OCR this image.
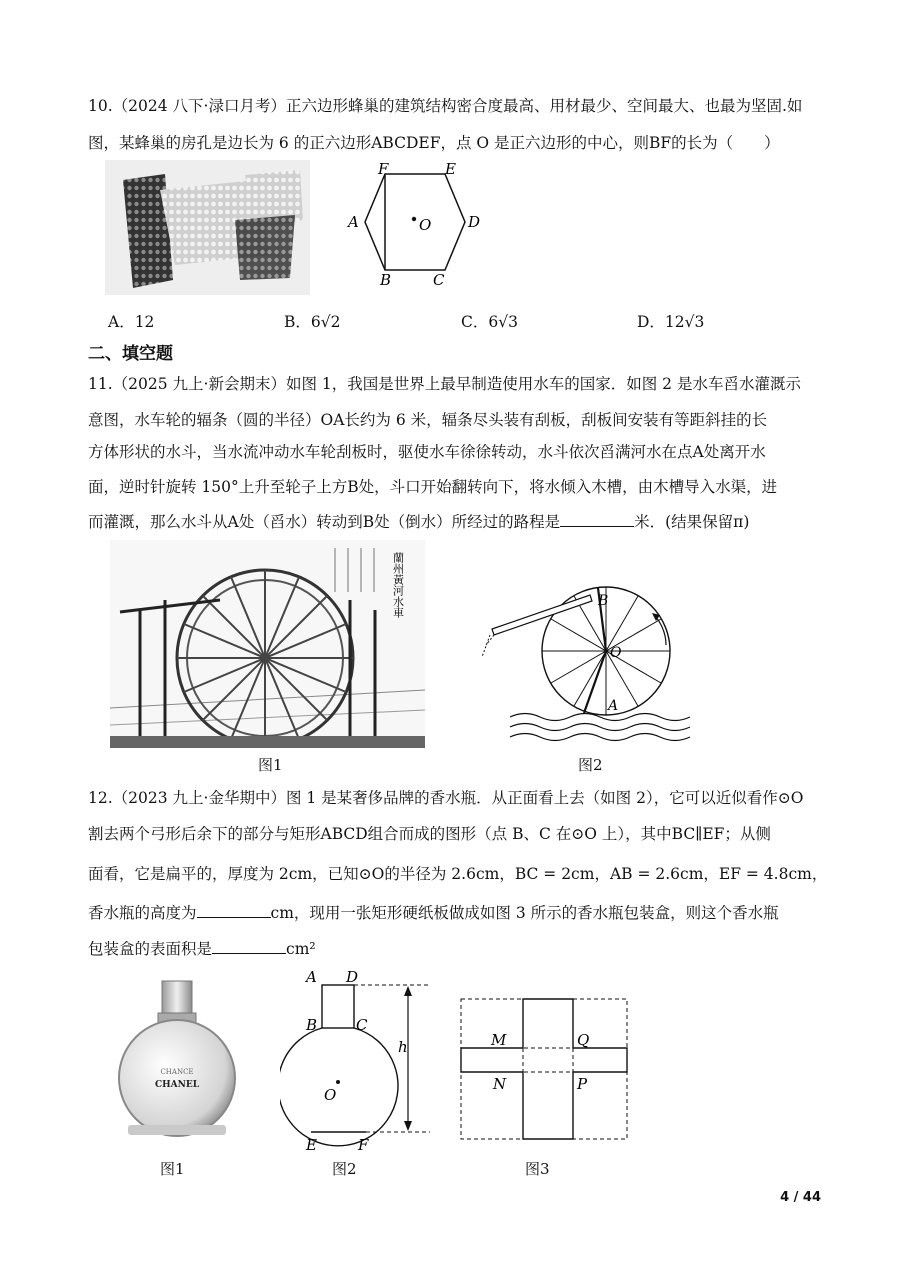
10.（2024 八下·渌口月考）正六边形蜂巢的建筑结构密合度最高、用材最少、空间最大、也最为坚固.如
图，某蜂巢的房孔是边长为 6 的正六边形ABCDEF，点 O 是正六边形的中心，则BF的长为（　　）
F	E
A	D
O
B	C
A．12	B．6√2	C．6√3	D．12√3
二、填空题
11.（2025 九上·新会期末）如图 1，我国是世界上最早制造使用水车的国家．如图 2 是水车舀水灌溉示
意图，水车轮的辐条（圆的半径）OA长约为 6 米，辐条尽头装有刮板，刮板间安装有等距斜挂的长
方体形状的水斗，当水流冲动水车轮刮板时，驱使水车徐徐转动，水斗依次舀满河水在点A处离开水
面，逆时针旋转 150°上升至轮子上方B处，斗口开始翻转向下，将水倾入木槽，由木槽导入水渠，进
而灌溉，那么水斗从A处（舀水）转动到B处（倒水）所经过的路程是	米．(结果保留π)
蘭州黃河水車	B
O
A
图1	图2
12.（2023 九上·金华期中）图 1 是某奢侈品牌的香水瓶．从正面看上去（如图 2），它可以近似看作⊙O
割去两个弓形后余下的部分与矩形ABCD组合而成的图形（点 B、C 在⊙O 上），其中BC∥EF；从侧
面看，它是扁平的，厚度为 2cm，已知⊙O的半径为 2.6cm，BC = 2cm，AB = 2.6cm，EF = 4.8cm，
香水瓶的高度为	cm，现用一张矩形硬纸板做成如图 3 所示的香水瓶包装盒，则这个香水瓶
包装盒的表面积是	cm²
CHANCE
CHANEL
A D
B	C
O
h
E	F
M	Q
N	P
图1	图2	图3
4 / 44
